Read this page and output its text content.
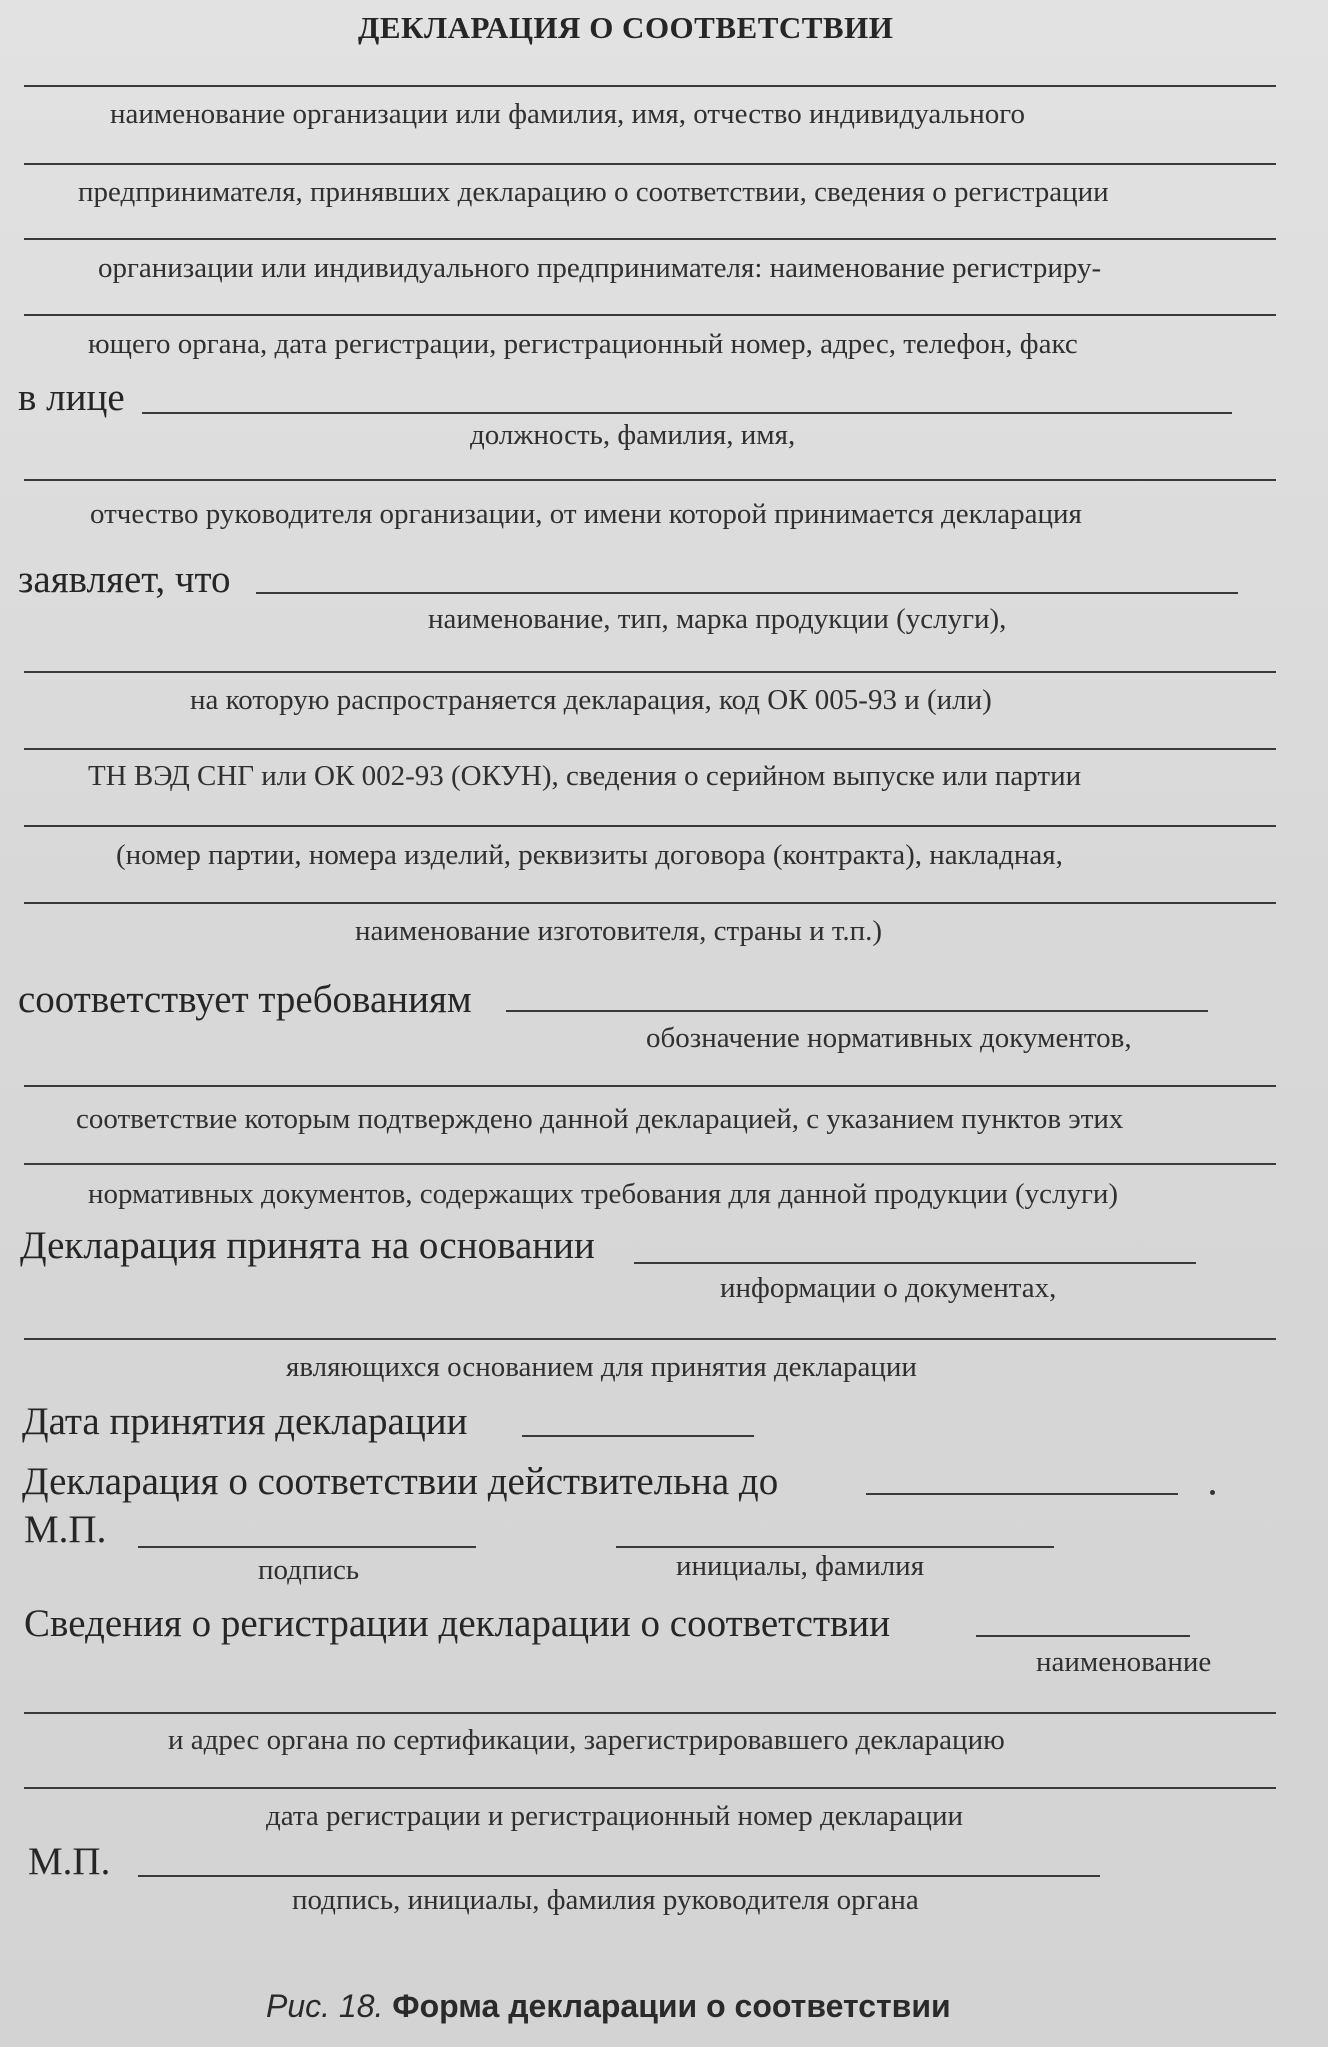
ДЕКЛАРАЦИЯ О СООТВЕТСТВИИ
наименование организации или фамилия, имя, отчество индивидуального
предпринимателя, принявших декларацию о соответствии, сведения о регистрации
организации или индивидуального предпринимателя: наименование регистриру-
ющего органа, дата регистрации, регистрационный номер, адрес, телефон, факс
в лице
должность, фамилия, имя,
отчество руководителя организации, от имени которой принимается декларация
заявляет, что
наименование, тип, марка продукции (услуги),
на которую распространяется декларация, код ОК 005-93 и (или)
ТН ВЭД СНГ или ОК 002-93 (ОКУН), сведения о серийном выпуске или партии
(номер партии, номера изделий, реквизиты договора (контракта), накладная,
наименование изготовителя, страны и т.п.)
соответствует требованиям
обозначение нормативных документов,
соответствие которым подтверждено данной декларацией, с указанием пунктов этих
нормативных документов, содержащих требования для данной продукции (услуги)
Декларация принята на основании
информации о документах,
являющихся основанием для принятия декларации
Дата принятия декларации
Декларация о соответствии действительна до
М.П.
подпись	инициалы, фамилия
Сведения о регистрации декларации о соответствии
наименование
и адрес органа по сертификации, зарегистрировавшего декларацию
дата регистрации и регистрационный номер декларации
М.П.
подпись, инициалы, фамилия руководителя органа
Рис. 18. Форма декларации о соответствии
